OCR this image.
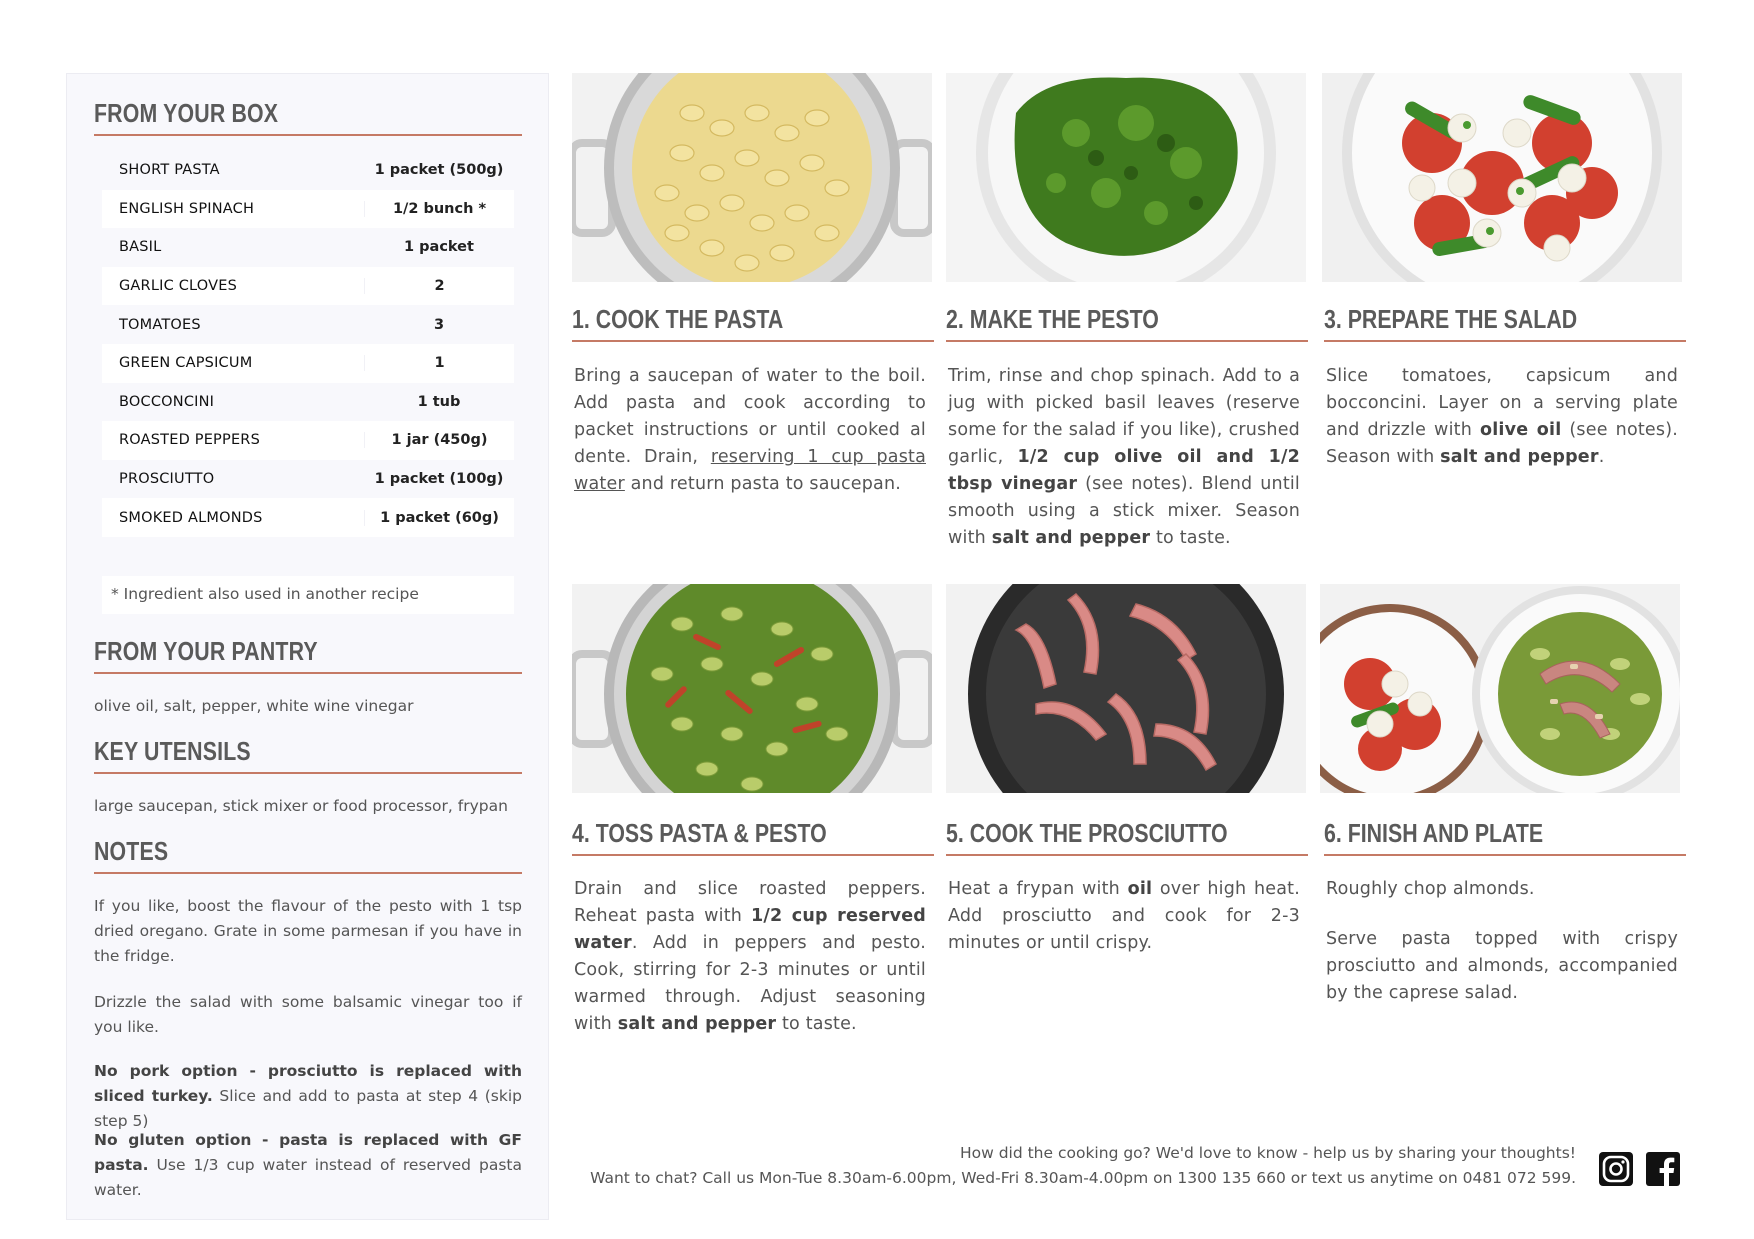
FROM YOUR BOX
SHORT PASTA	1 packet (500g)
ENGLISH SPINACH	1/2 bunch *
BASIL	1 packet
GARLIC CLOVES	2
TOMATOES	3
GREEN CAPSICUM	1
BOCCONCINI	1 tub
ROASTED PEPPERS	1 jar (450g)
PROSCIUTTO	1 packet (100g)
SMOKED ALMONDS	1 packet (60g)
* Ingredient also used in another recipe
FROM YOUR PANTRY
olive oil, salt, pepper, white wine vinegar
KEY UTENSILS
large saucepan, stick mixer or food processor, frypan
NOTES
If you like, boost the flavour of the pesto with 1 tsp dried oregano. Grate in some parmesan if you have in the fridge.
Drizzle the salad with some balsamic vinegar too if you like.
No pork option - prosciutto is replaced with sliced turkey. Slice and add to pasta at step 4 (skip step 5)
No gluten option - pasta is replaced with GF pasta. Use 1/3 cup water instead of reserved pasta water.
1. COOK THE PASTA
Bring a saucepan of water to the boil. Add pasta and cook according to packet instructions or until cooked al dente. Drain, reserving 1 cup pasta water and return pasta to saucepan.
2. MAKE THE PESTO
Trim, rinse and chop spinach. Add to a jug with picked basil leaves (reserve some for the salad if you like), crushed garlic, 1/2 cup olive oil and 1/2 tbsp vinegar (see notes). Blend until smooth using a stick mixer. Season with salt and pepper to taste.
3. PREPARE THE SALAD
Slice tomatoes, capsicum and bocconcini. Layer on a serving plate and drizzle with olive oil (see notes). Season with salt and pepper.
4. TOSS PASTA & PESTO
Drain and slice roasted peppers. Reheat pasta with 1/2 cup reserved water. Add in peppers and pesto. Cook, stirring for 2-3 minutes or until warmed through. Adjust seasoning with salt and pepper to taste.
5. COOK THE PROSCIUTTO
Heat a frypan with oil over high heat. Add prosciutto and cook for 2-3 minutes or until crispy.
6. FINISH AND PLATE

Roughly chop almonds.

Serve pasta topped with crispy prosciutto and almonds, accompanied by the caprese salad.

How did the cooking go? We'd love to know - help us by sharing your thoughts!
Want to chat? Call us Mon-Tue 8.30am-6.00pm, Wed-Fri 8.30am-4.00pm on 1300 135 660 or text us anytime on 0481 072 599.
